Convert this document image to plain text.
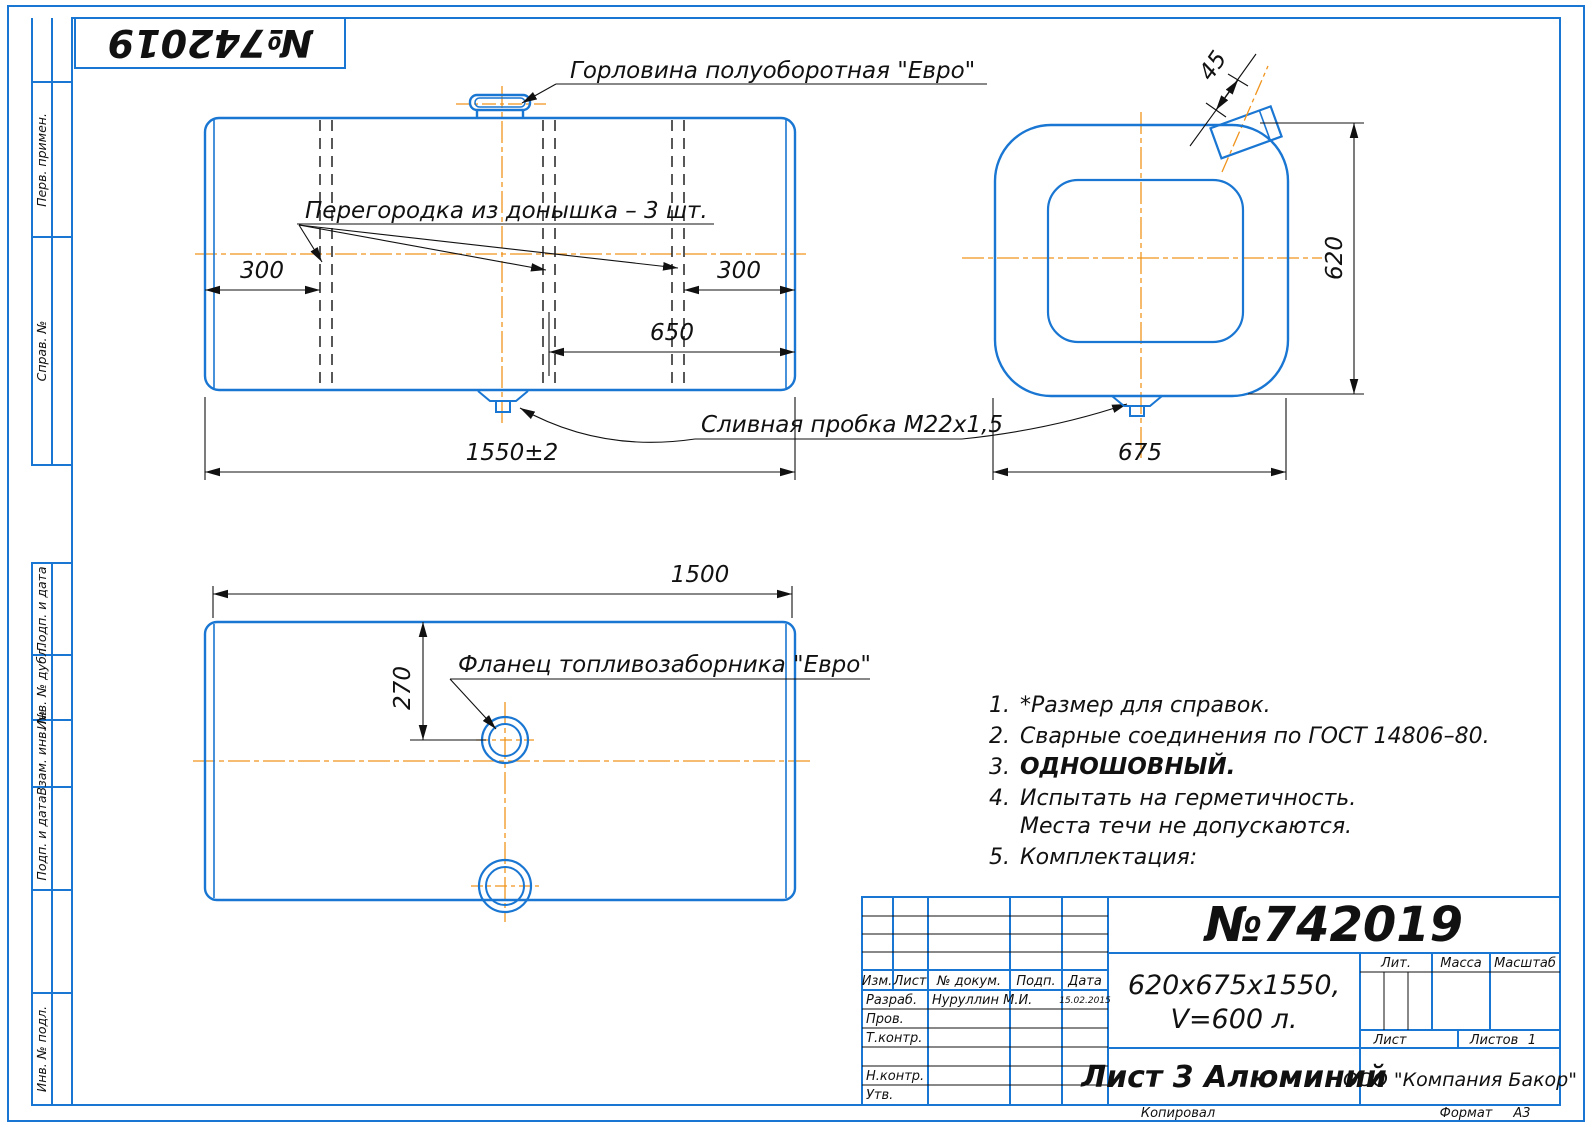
Перв. примен.
Справ. №
Подп. и дата
Инв. № дубл.
Взам. инв. №
Подп. и дата
Инв. № подл.
№742019
300	300
650
1550±2
Горловина полуоборотная "Евро"
Перегородка из донышка – 3 шт.
Сливная пробка М22х1,5
45
620
675
1500
270
Фланец топливозаборника "Евро"
1. *Размер для справок.
2. Сварные соединения по ГОСТ 14806–80.
3. ОДНОШОВНЫЙ.
4. Испытать на герметичность.
Места течи не допускаются.
5. Комплектация:
Изм. Лист № докум. Подп. Дата
Разраб. Нуруллин М.И.	15.02.2015
Пров.
Т.контр.
Н.контр.
Утв.
№742019
620х675х1550,
V=600 л.
Лист 3 Алюминий
ООО "Компания Бакор"
Лит. Масса Масштаб
Лист	Листов 1
Копировал	Формат А3
